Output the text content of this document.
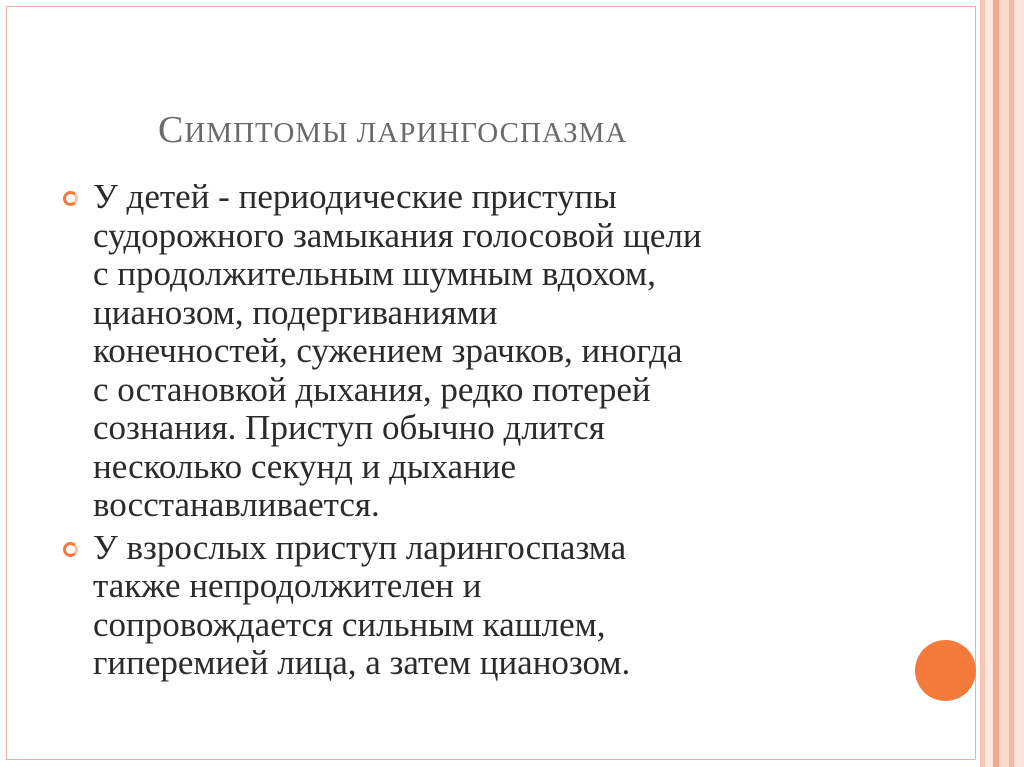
СИМПТОМЫ ЛАРИНГОСПАЗМА
У детей - периодические приступы
судорожного замыкания голосовой щели
с продолжительным шумным вдохом,
цианозом, подергиваниями
конечностей, сужением зрачков, иногда
с остановкой дыхания, редко потерей
сознания. Приступ обычно длится
несколько секунд и дыхание
восстанавливается.
У взрослых приступ ларингоспазма
также непродолжителен и
сопровождается сильным кашлем,
гиперемией лица, а затем цианозом.
